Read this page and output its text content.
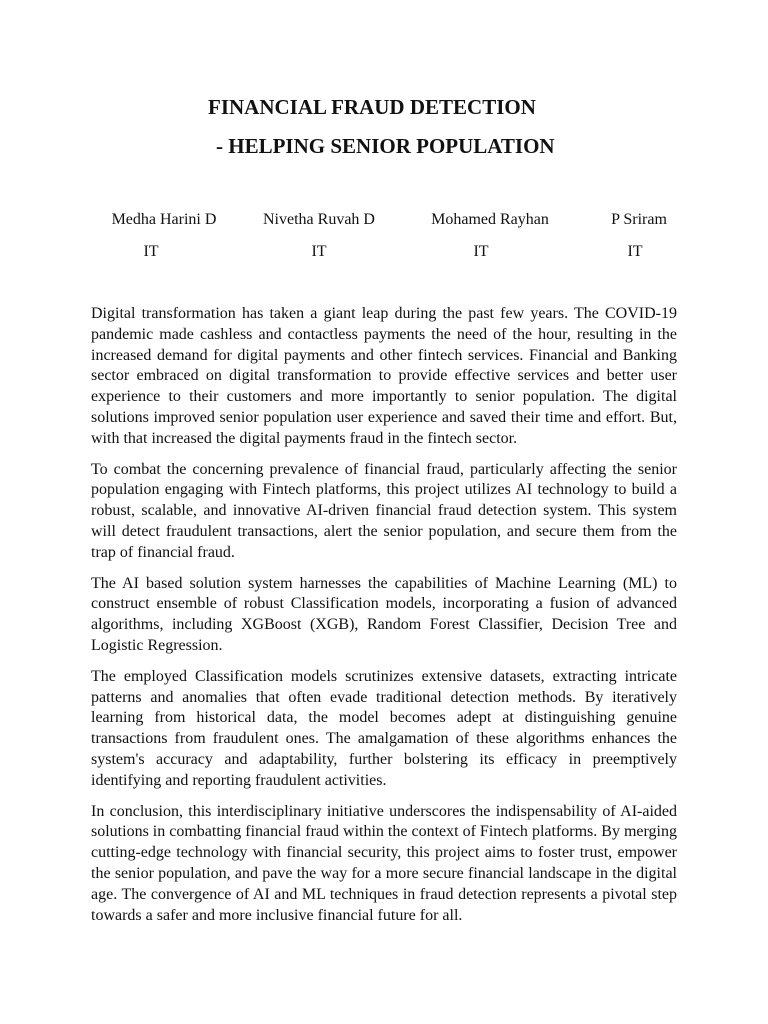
FINANCIAL FRAUD DETECTION
- HELPING SENIOR POPULATION
Medha Harini D
IT
Nivetha Ruvah D
IT
Mohamed Rayhan
IT
P Sriram
IT

Digital transformation has taken a giant leap during the past few years. The COVID-19 pandemic made cashless and contactless payments the need of the hour, resulting in the increased demand for digital payments and other fintech services. Financial and Banking sector embraced on digital transformation to provide effective services and better user experience to their customers and more importantly to senior population. The digital solutions improved senior population user experience and saved their time and effort. But, with that increased the digital payments fraud in the fintech sector.

To combat the concerning prevalence of financial fraud, particularly affecting the senior population engaging with Fintech platforms, this project utilizes AI technology to build a robust, scalable, and innovative AI-driven financial fraud detection system. This system will detect fraudulent transactions, alert the senior population, and secure them from the trap of financial fraud.

The AI based solution system harnesses the capabilities of Machine Learning (ML) to construct ensemble of robust Classification models, incorporating a fusion of advanced algorithms, including XGBoost (XGB), Random Forest Classifier, Decision Tree and Logistic Regression.

The employed Classification models scrutinizes extensive datasets, extracting intricate patterns and anomalies that often evade traditional detection methods. By iteratively learning from historical data, the model becomes adept at distinguishing genuine transactions from fraudulent ones. The amalgamation of these algorithms enhances the system's accuracy and adaptability, further bolstering its efficacy in preemptively identifying and reporting fraudulent activities.

In conclusion, this interdisciplinary initiative underscores the indispensability of AI-aided solutions in combatting financial fraud within the context of Fintech platforms. By merging cutting-edge technology with financial security, this project aims to foster trust, empower the senior population, and pave the way for a more secure financial landscape in the digital age. The convergence of AI and ML techniques in fraud detection represents a pivotal step towards a safer and more inclusive financial future for all.
